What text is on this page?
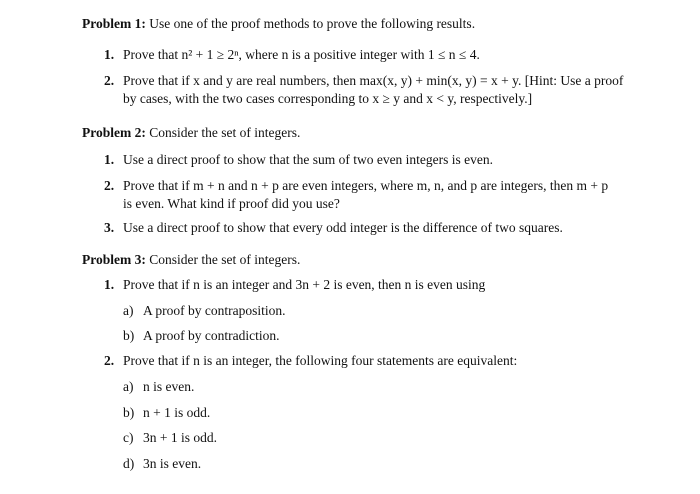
Problem 1: Use one of the proof methods to prove the following results.
1. Prove that n² + 1 ≥ 2ⁿ, where n is a positive integer with 1 ≤ n ≤ 4.
2. Prove that if x and y are real numbers, then max(x, y) + min(x, y) = x + y. [Hint: Use a proof
by cases, with the two cases corresponding to x ≥ y and x < y, respectively.]
Problem 2: Consider the set of integers.
1. Use a direct proof to show that the sum of two even integers is even.
2. Prove that if m + n and n + p are even integers, where m, n, and p are integers, then m + p
is even. What kind if proof did you use?
3. Use a direct proof to show that every odd integer is the difference of two squares.
Problem 3: Consider the set of integers.
1. Prove that if n is an integer and 3n + 2 is even, then n is even using
a) A proof by contraposition.
b) A proof by contradiction.
2. Prove that if n is an integer, the following four statements are equivalent:
a) n is even.
b) n + 1 is odd.
c) 3n + 1 is odd.
d) 3n is even.
